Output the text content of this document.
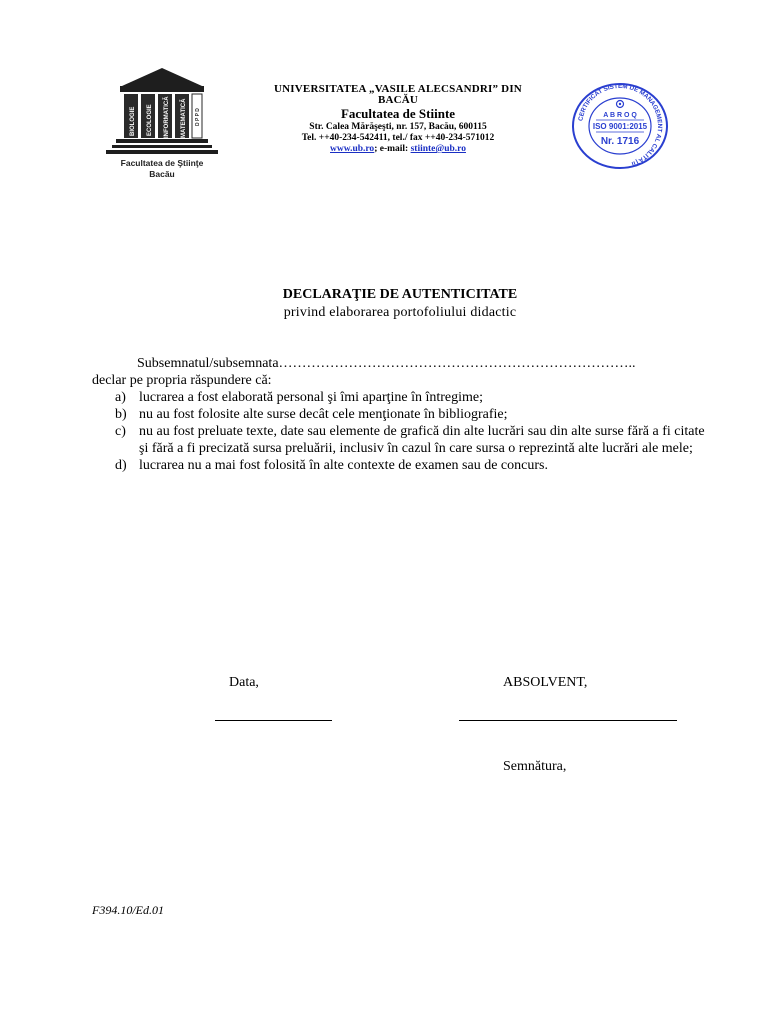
BIOLOGIE ECOLOGIE INFORMATICĂ MATEMATICĂ D P P D
Facultatea de Ştiinţe
Bacău
UNIVERSITATEA „VASILE ALECSANDRI” DIN
BACĂU
Facultatea de Stiinte
Str. Calea Mărăşeşti, nr. 157, Bacău, 600115
Tel. ++40-234-542411, tel./ fax ++40-234-571012
www.ub.ro; e-mail: stiinte@ub.ro
CERTIFICAT SISTEM DE MANAGEMENT AL CALITĂŢII
A B R O Q
ISO 9001:2015
Nr. 1716
DECLARAŢIE DE AUTENTICITATE
privind elaborarea portofoliului didactic
Subsemnatul/subsemnata…………………………………………………………………..
declar pe propria răspundere că:
a) lucrarea a fost elaborată personal şi îmi aparţine în întregime;
b) nu au fost folosite alte surse decât cele menţionate în bibliografie;
c) nu au fost preluate texte, date sau elemente de grafică din alte lucrări sau din alte surse fără a fi citate şi fără a fi precizată sursa preluării, inclusiv în cazul în care sursa o reprezintă alte lucrări ale mele;
d) lucrarea nu a mai fost folosită în alte contexte de examen sau de concurs.
Data,	ABSOLVENT,
Semnătura,
F394.10/Ed.01
